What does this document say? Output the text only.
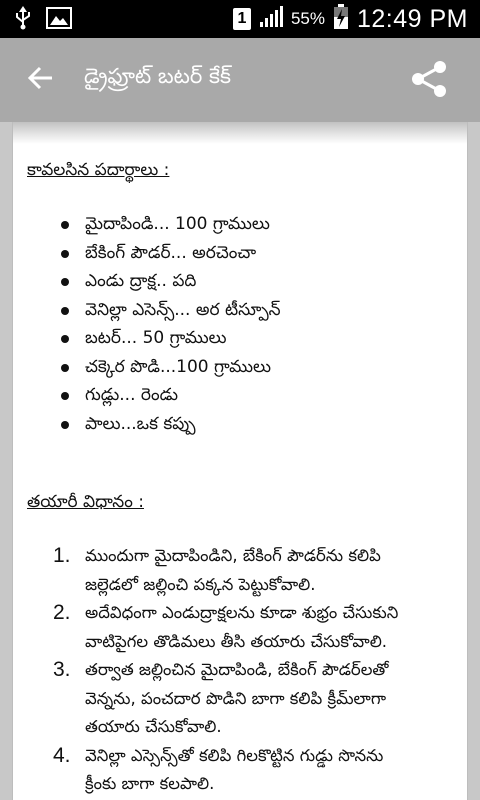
1	55% 12:49 PM
డ్రైఫ్రూట్ బటర్ కేక్
కావలసిన పదార్థాలు :
మైదాపిండి... 100 గ్రాములు
బేకింగ్ పౌడర్... అరచెంచా
ఎండు ద్రాక్ష.. పది
వెనిల్లా ఎసెన్స్... అర టీస్పూన్
బటర్... 50 గ్రాములు
చక్కెర పొడి...100 గ్రాములు
గుడ్లు... రెండు
పాలు...ఒక కప్పు
తయారీ విధానం :
1. ముందుగా మైదాపిండిని, బేకింగ్ పౌడర్‌ను కలిపి
జల్లెడలో జల్లించి పక్కన పెట్టుకోవాలి.
2. అదేవిధంగా ఎండుద్రాక్షలను కూడా శుభ్రం చేసుకుని
వాటిపైగల తొడిమలు తీసి తయారు చేసుకోవాలి.
3. తర్వాత జల్లించిన మైదాపిండి, బేకింగ్ పౌడర్‌లతో
వెన్నను, పంచదార పొడిని బాగా కలిపి క్రీమ్‌లాగా
తయారు చేసుకోవాలి.
4. వెనిల్లా ఎస్సెన్స్‌తో కలిపి గిలకొట్టిన గుడ్డు సొనను
క్రీంకు బాగా కలపాలి.
